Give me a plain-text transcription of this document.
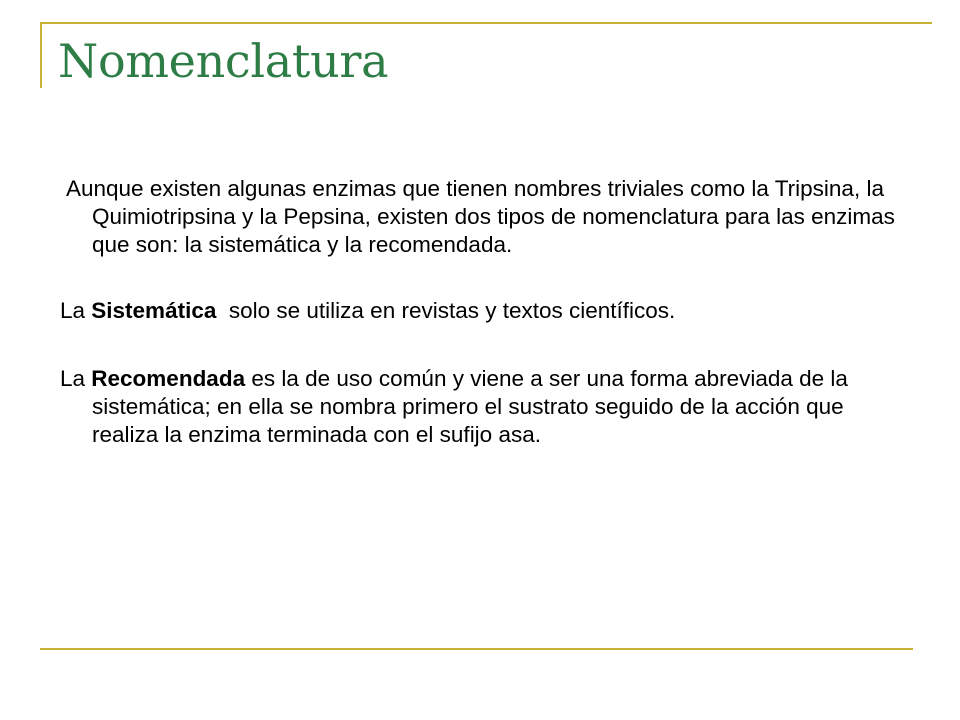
Nomenclatura

Aunque existen algunas enzimas que tienen nombres triviales como la Tripsina, la Quimiotripsina y la Pepsina, existen dos tipos de nomenclatura para las enzimas que son: la sistemática y la recomendada.

La Sistemática  solo se utiliza en revistas y textos científicos.

La Recomendada es la de uso común y viene a ser una forma abreviada de la sistemática; en ella se nombra primero el sustrato seguido de la acción que realiza la enzima terminada con el sufijo asa.
